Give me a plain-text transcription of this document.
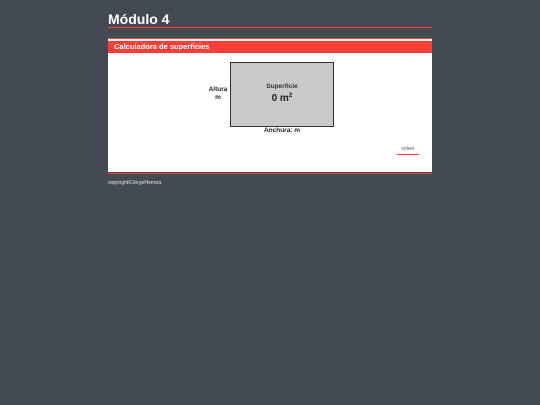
Módulo 4
Calculadora de superficies
Altura
m
Superficie
0 $m^2$
Anchura: m
volver
copyright©JorgeHerrera
